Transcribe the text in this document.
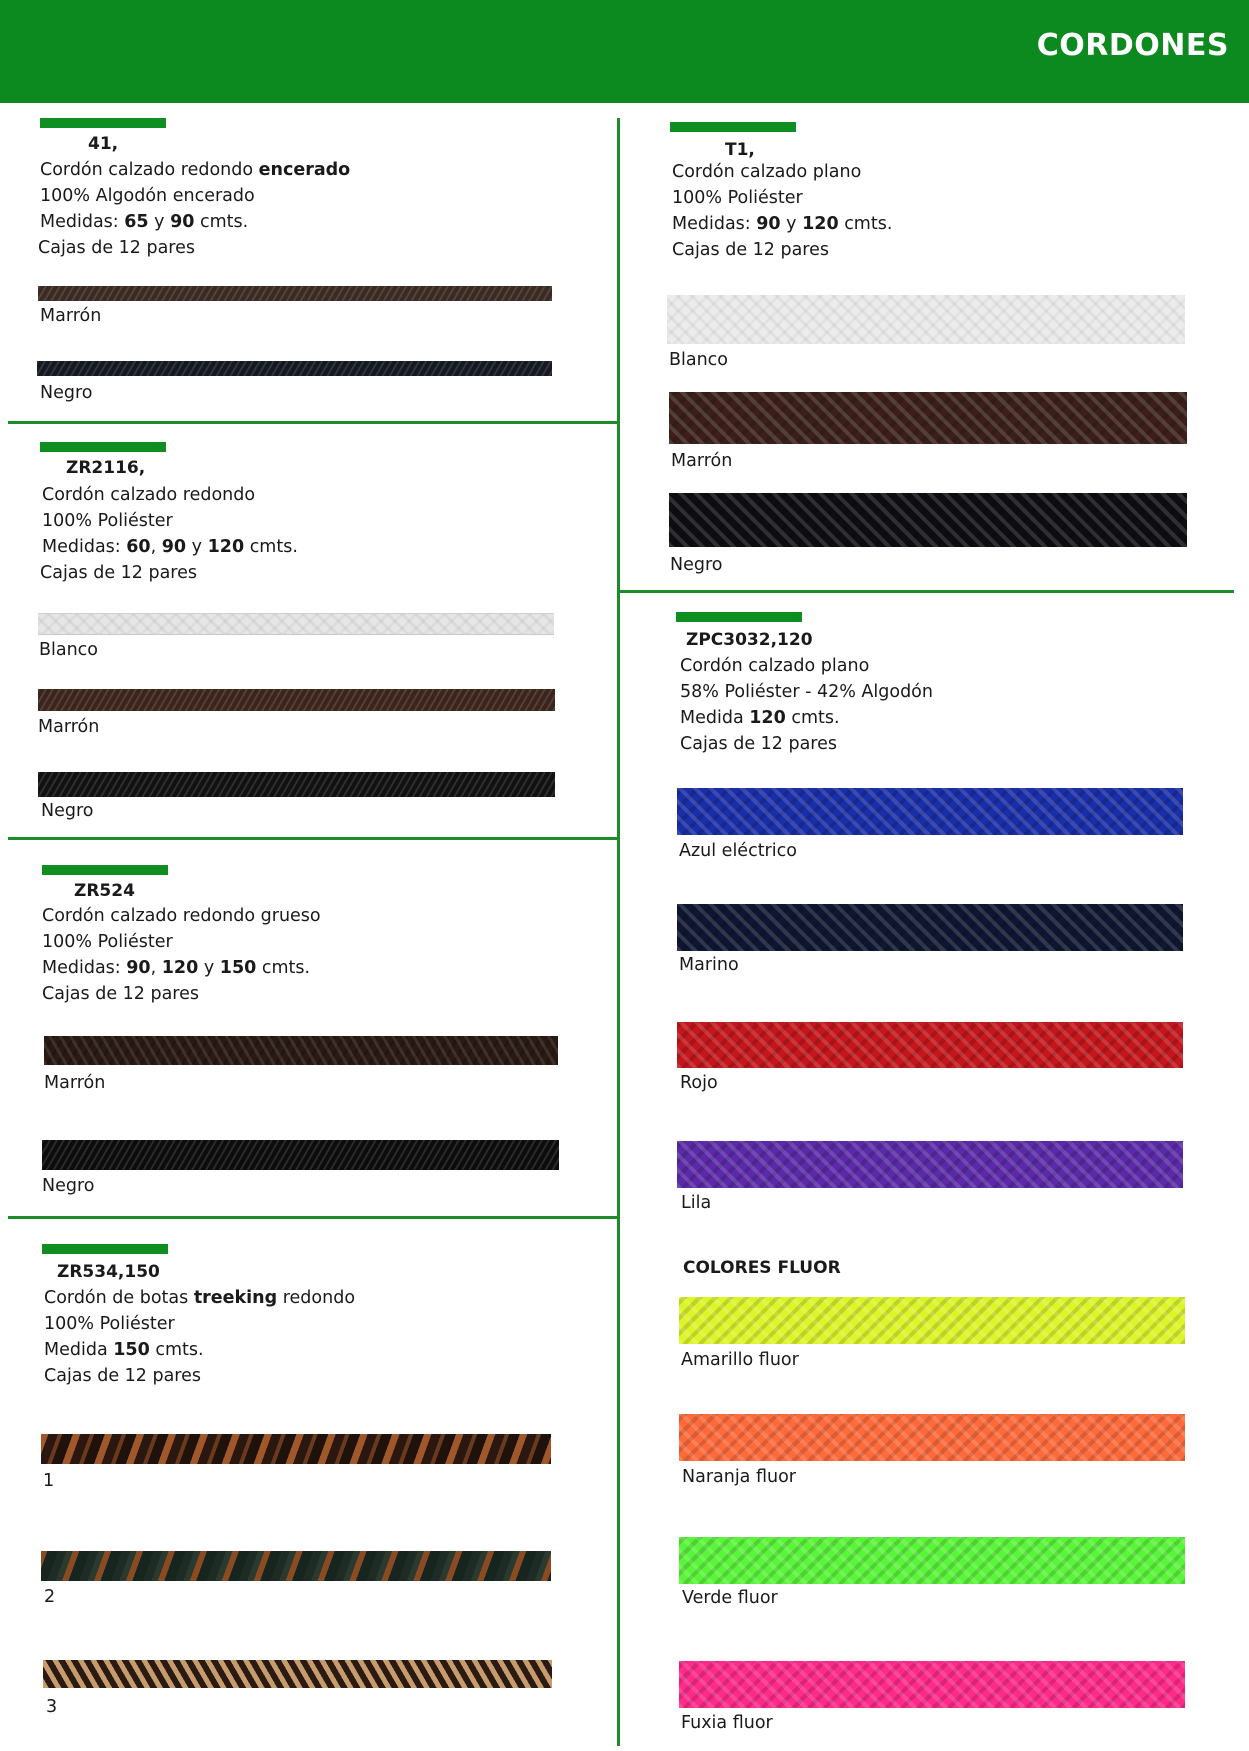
CORDONES
41,
Cordón calzado redondo encerado
100% Algodón encerado
Medidas: 65 y 90 cmts.
Cajas de 12 pares
Marrón
Negro
ZR2116,
Cordón calzado redondo
100% Poliéster
Medidas: 60, 90 y 120 cmts.
Cajas de 12 pares
Blanco
Marrón
Negro
ZR524
Cordón calzado redondo grueso
100% Poliéster
Medidas: 90, 120 y 150 cmts.
Cajas de 12 pares
Marrón
Negro
ZR534,150
Cordón de botas treeking redondo
100% Poliéster
Medida 150 cmts.
Cajas de 12 pares
1
2
3
T1,
Cordón calzado plano
100% Poliéster
Medidas: 90 y 120 cmts.
Cajas de 12 pares
Blanco
Marrón
Negro
ZPC3032,120
Cordón calzado plano
58% Poliéster - 42% Algodón
Medida 120 cmts.
Cajas de 12 pares
Azul eléctrico
Marino
Rojo
Lila
COLORES FLUOR
Amarillo fluor
Naranja fluor
Verde fluor
Fuxia fluor
